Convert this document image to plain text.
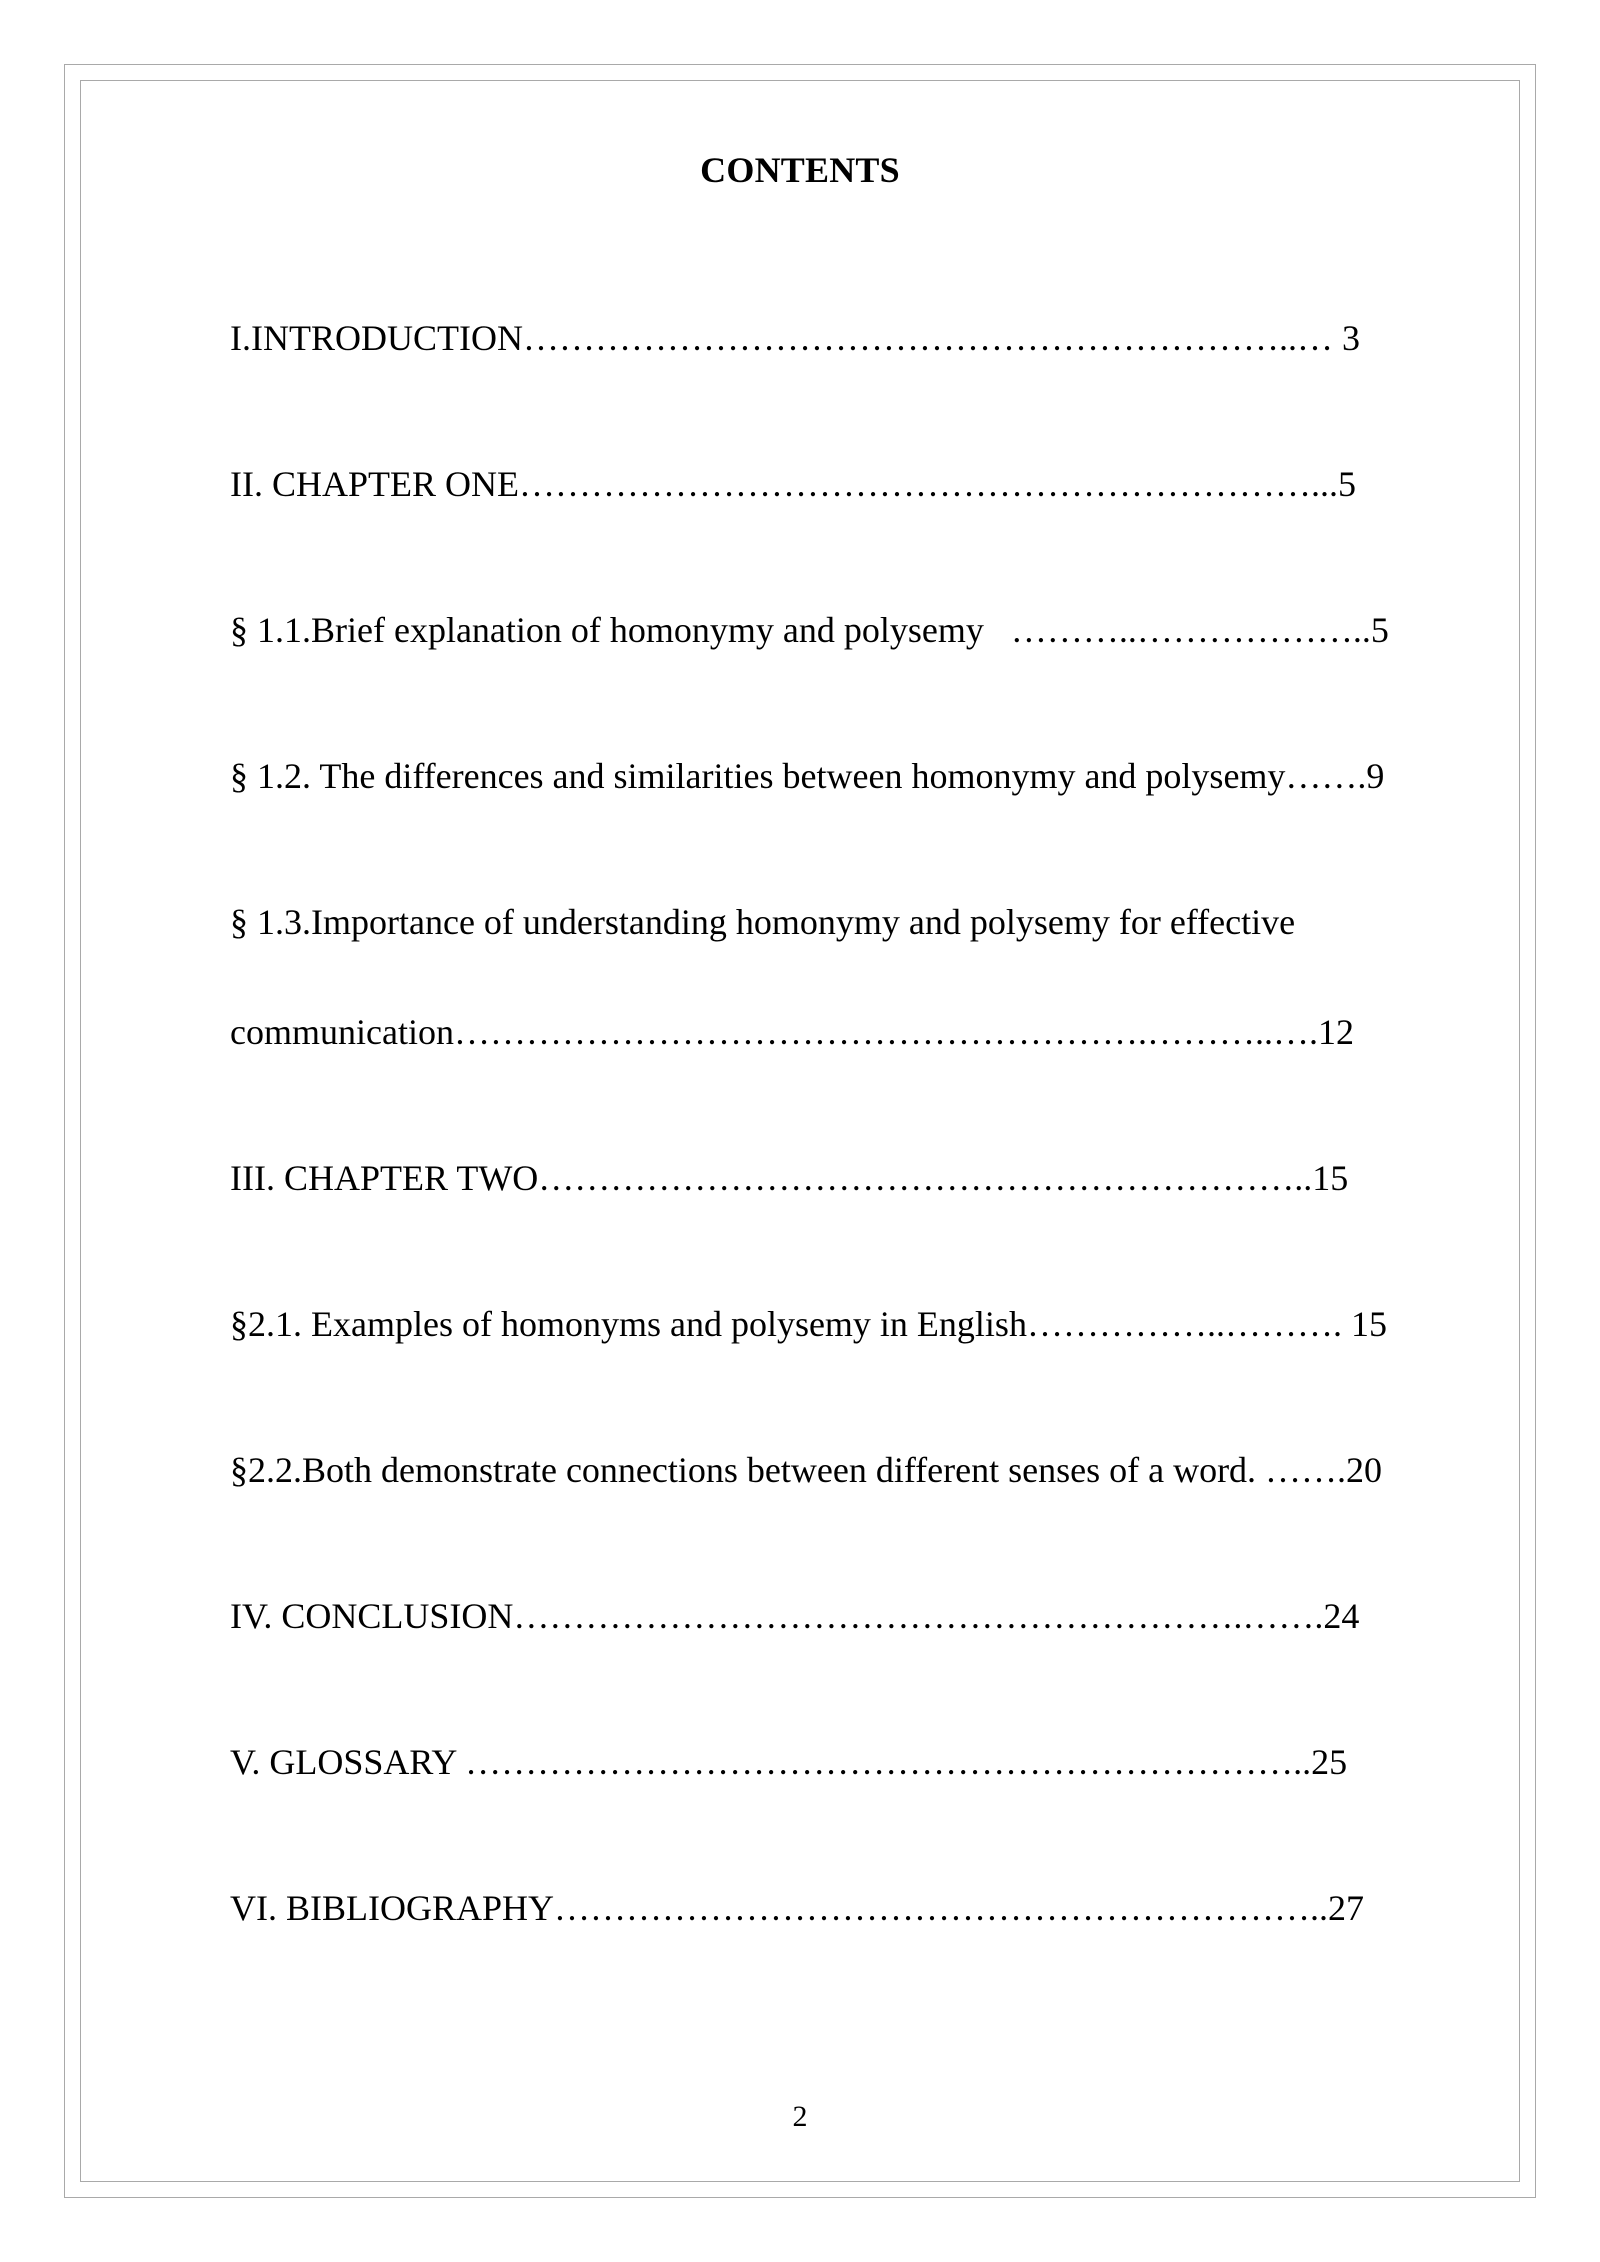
CONTENTS
I.INTRODUCTION………………………………………………………..… 3
II. CHAPTER ONE…………………………………………………………...5
§ 1.1.Brief explanation of homonymy and polysemy   ………..………………..5
§ 1.2. The differences and similarities between homonymy and polysemy…….9
§ 1.3.Importance of understanding homonymy and polysemy for effective
communication………………………………………………….………..….12
III. CHAPTER TWO………………………………………………………..15
§2.1. Examples of homonyms and polysemy in English……………..………. 15
§2.2.Both demonstrate connections between different senses of a word. …….20
IV. CONCLUSION…………………………………………………….…….24
V. GLOSSARY ……………………………………………………………..25
VI. BIBLIOGRAPHY………………………………………………………..27
2
